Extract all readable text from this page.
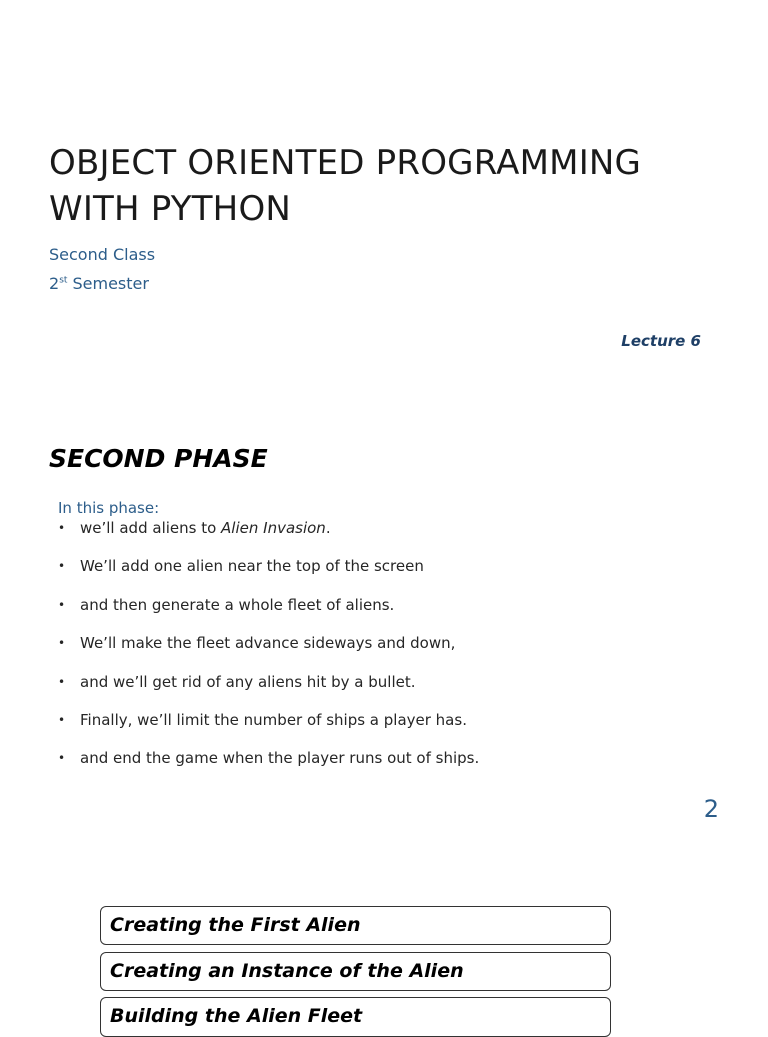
OBJECT ORIENTED PROGRAMMING
WITH PYTHON
Second Class
2st Semester
Lecture 6
SECOND PHASE
In this phase:
• we’ll add aliens to Alien Invasion.
• We’ll add one alien near the top of the screen
• and then generate a whole fleet of aliens.
• We’ll make the fleet advance sideways and down,
• and we’ll get rid of any aliens hit by a bullet.
• Finally, we’ll limit the number of ships a player has.
• and end the game when the player runs out of ships.
2
Creating the First Alien
Creating an Instance of the Alien
Building the Alien Fleet
